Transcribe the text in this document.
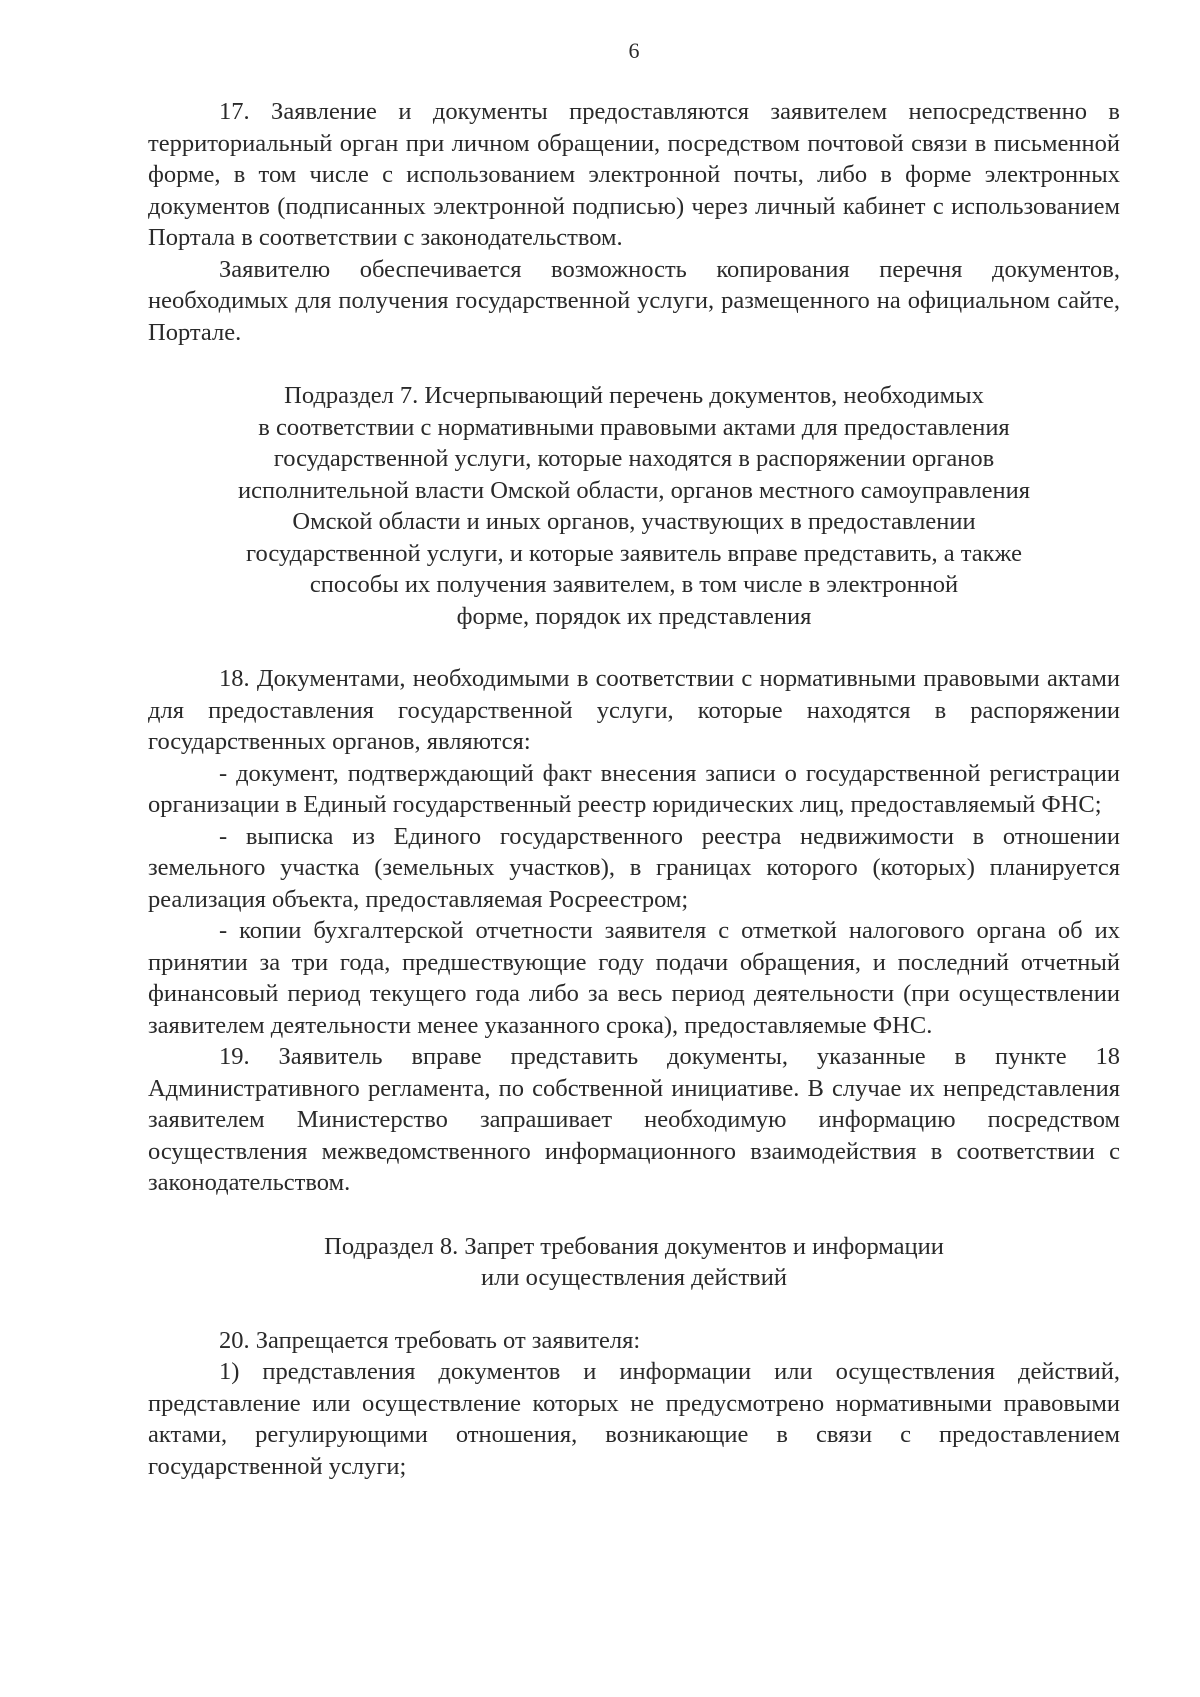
6

17. Заявление и документы предоставляются заявителем непосредственно в территориальный орган при личном обращении, посредством почтовой связи в письменной форме, в том числе с использованием электронной почты, либо в форме электронных документов (подписанных электронной подписью) через личный кабинет с использованием Портала в соответствии с законодательством.

Заявителю обеспечивается возможность копирования перечня документов, необходимых для получения государственной услуги, размещенного на официальном сайте, Портале.

Подраздел 7. Исчерпывающий перечень документов, необходимых
в соответствии с нормативными правовыми актами для предоставления
государственной услуги, которые находятся в распоряжении органов
исполнительной власти Омской области, органов местного самоуправления
Омской области и иных органов, участвующих в предоставлении
государственной услуги, и которые заявитель вправе представить, а также
способы их получения заявителем, в том числе в электронной
форме, порядок их представления

18. Документами, необходимыми в соответствии с нормативными правовыми актами для предоставления государственной услуги, которые находятся в распоряжении государственных органов, являются:

- документ, подтверждающий факт внесения записи о государственной регистрации организации в Единый государственный реестр юридических лиц, предоставляемый ФНС;

- выписка из Единого государственного реестра недвижимости в отношении земельного участка (земельных участков), в границах которого (которых) планируется реализация объекта, предоставляемая Росреестром;

- копии бухгалтерской отчетности заявителя с отметкой налогового органа об их принятии за три года, предшествующие году подачи обращения, и последний отчетный финансовый период текущего года либо за весь период деятельности (при осуществлении заявителем деятельности менее указанного срока), предоставляемые ФНС.

19. Заявитель вправе представить документы, указанные в пункте 18 Административного регламента, по собственной инициативе. В случае их непредставления заявителем Министерство запрашивает необходимую информацию посредством осуществления межведомственного информационного взаимодействия в соответствии с законодательством.

Подраздел 8. Запрет требования документов и информации
или осуществления действий

20. Запрещается требовать от заявителя:

1) представления документов и информации или осуществления действий, представление или осуществление которых не предусмотрено нормативными правовыми актами, регулирующими отношения, возникающие в связи с предоставлением государственной услуги;
